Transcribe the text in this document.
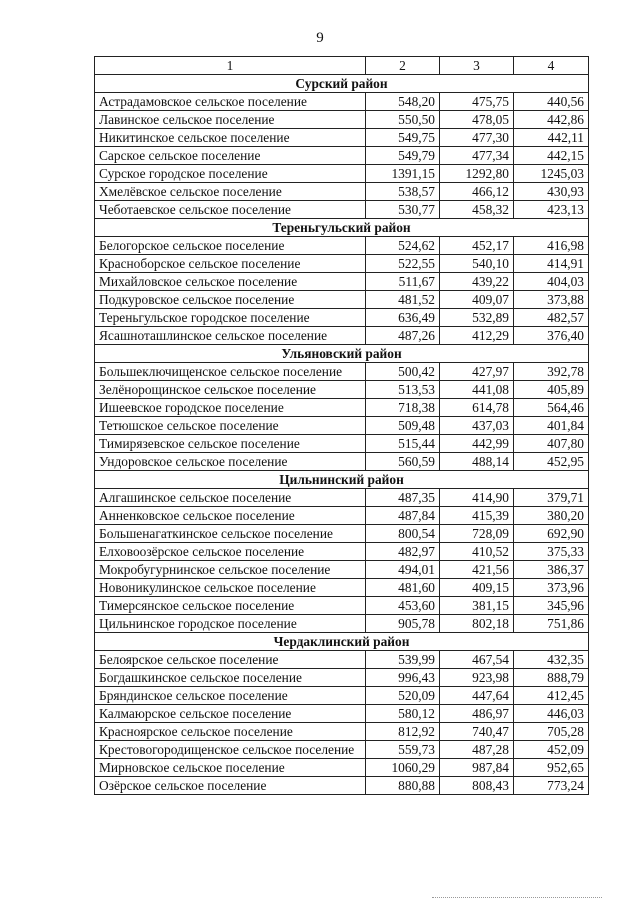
9
1	2	3	4
Сурский район			
Астрадамовское сельское поселение	548,20	475,75	440,56
Лавинское сельское поселение	550,50	478,05	442,86
Никитинское сельское поселение	549,75	477,30	442,11
Сарское сельское поселение	549,79	477,34	442,15
Сурское городское поселение	1391,15	1292,80	1245,03
Хмелёвское сельское поселение	538,57	466,12	430,93
Чеботаевское сельское поселение	530,77	458,32	423,13
Тереньгульский район			
Белогорское сельское поселение	524,62	452,17	416,98
Красноборское сельское поселение	522,55	540,10	414,91
Михайловское сельское поселение	511,67	439,22	404,03
Подкуровское сельское поселение	481,52	409,07	373,88
Тереньгульское городское поселение	636,49	532,89	482,57
Ясашноташлинское сельское поселение	487,26	412,29	376,40
Ульяновский район			
Большеключищенское сельское поселение	500,42	427,97	392,78
Зелёнорощинское сельское поселение	513,53	441,08	405,89
Ишеевское городское поселение	718,38	614,78	564,46
Тетюшское сельское поселение	509,48	437,03	401,84
Тимирязевское сельское поселение	515,44	442,99	407,80
Ундоровское сельское поселение	560,59	488,14	452,95
Цильнинский район			
Алгашинское сельское поселение	487,35	414,90	379,71
Анненковское сельское поселение	487,84	415,39	380,20
Большенагаткинское сельское поселение	800,54	728,09	692,90
Елховоозёрское сельское поселение	482,97	410,52	375,33
Мокробугурнинское сельское поселение	494,01	421,56	386,37
Новоникулинское сельское поселение	481,60	409,15	373,96
Тимерсянское сельское поселение	453,60	381,15	345,96
Цильнинское городское поселение	905,78	802,18	751,86
Чердаклинский район			
Белоярское сельское поселение	539,99	467,54	432,35
Богдашкинское сельское поселение	996,43	923,98	888,79
Бряндинское сельское поселение	520,09	447,64	412,45
Калмаюрское сельское поселение	580,12	486,97	446,03
Красноярское сельское поселение	812,92	740,47	705,28
Крестовогородищенское сельское поселение	559,73	487,28	452,09
Мирновское сельское поселение	1060,29	987,84	952,65
Озёрское сельское поселение	880,88	808,43	773,24
